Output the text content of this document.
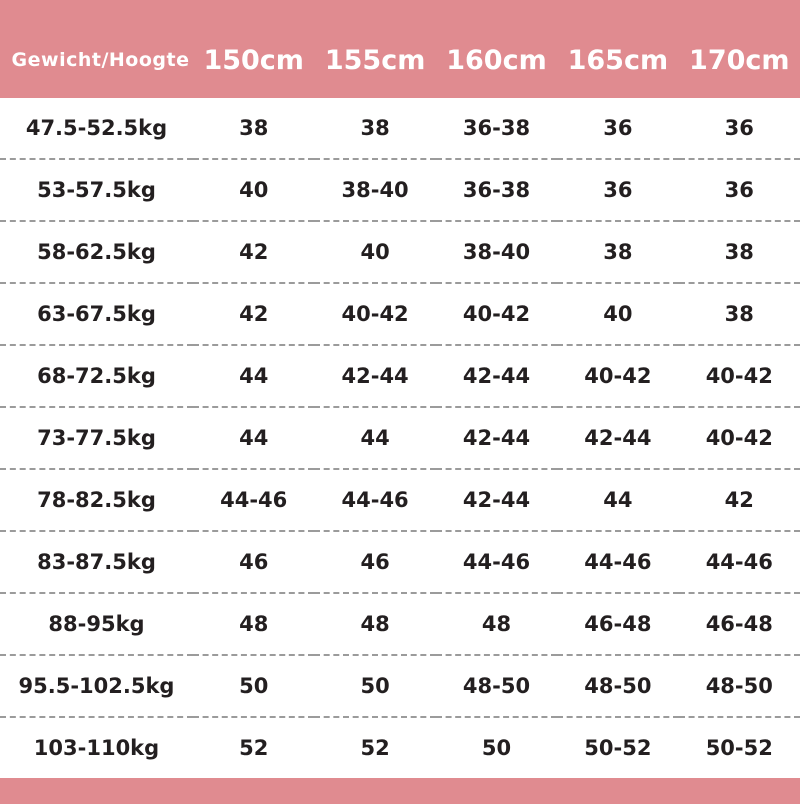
Gewicht/Hoogte	150cm	155cm	160cm	165cm	170cm
47.5-52.5kg	38	38	36-38	36	36
53-57.5kg	40	38-40	36-38	36	36
58-62.5kg	42	40	38-40	38	38
63-67.5kg	42	40-42	40-42	40	38
68-72.5kg	44	42-44	42-44	40-42	40-42
73-77.5kg	44	44	42-44	42-44	40-42
78-82.5kg	44-46	44-46	42-44	44	42
83-87.5kg	46	46	44-46	44-46	44-46
88-95kg	48	48	48	46-48	46-48
95.5-102.5kg	50	50	48-50	48-50	48-50
103-110kg	52	52	50	50-52	50-52
